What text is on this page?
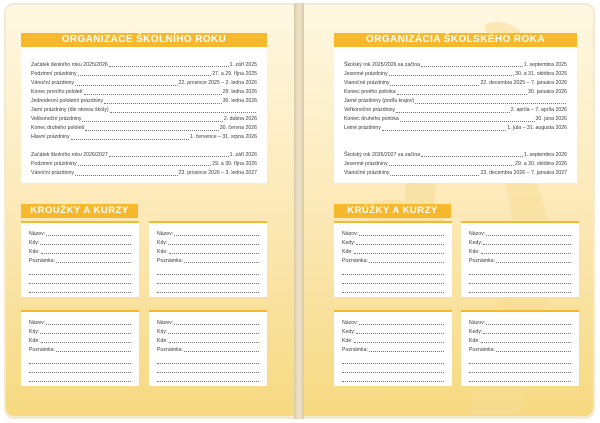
ORGANIZACE ŠKOLNÍHO ROKU
Začátek školního roku 2025/2026	1. září 2025
Podzimní prázdniny	27. a 29. října 2025
Vánoční prázdniny	22. prosince 2025 – 2. ledna 2026
Konec prvního pololetí	29. ledna 2026
Jednodenní pololetní prázdniny	30. ledna 2026
Jarní prázdniny (dle okresu školy)
Velikonoční prázdniny	2. dubna 2026
Konec druhého pololetí	30. června 2026
Hlavní prázdniny	1. července – 31. srpna 2026
Začátek školního roku 2026/2027	1. září 2026
Podzimní prázdniny	29. a 30. října 2026
Vánoční prázdniny	23. prosince 2026 – 3. ledna 2027
ORGANIZÁCIA ŠKOLSKÉHO ROKA
Školský rok 2025/2026 sa začína	1. septembra 2025
Jesenné prázdniny	30. a 31. októbra 2025
Vianočné prázdniny	22. decembra 2025 – 7. januára 2026
Koniec prvého polroka	30. januára 2026
Jarné prázdniny (podľa krajov)
Veľkonočné prázdniny	2. apríla – 7. apríla 2026
Koniec druhého polroka	30. júna 2026
Letné prázdniny	1. júla – 31. augusta 2026
Školský rok 2026/2027 sa začína	1. septembra 2026
Jesenné prázdniny	29. a 30. októbra 2026
Vianočné prázdniny	23. decembra 2026 – 7. januára 2027
KROUŽKY A KURZY	KRÚŽKY A KURZY
Název:
Kdy:
Kde:
Poznámka:
Název:
Kdy:
Kde:
Poznámka:
Název:
Kdy:
Kde:
Poznámka:
Název:
Kdy:
Kde:
Poznámka:
Názov:
Kedy:
Kde:
Poznámka:
Názov:
Kedy:
Kde:
Poznámka:
Názov:
Kedy:
Kde:
Poznámka:
Názov:
Kedy:
Kde:
Poznámka:
